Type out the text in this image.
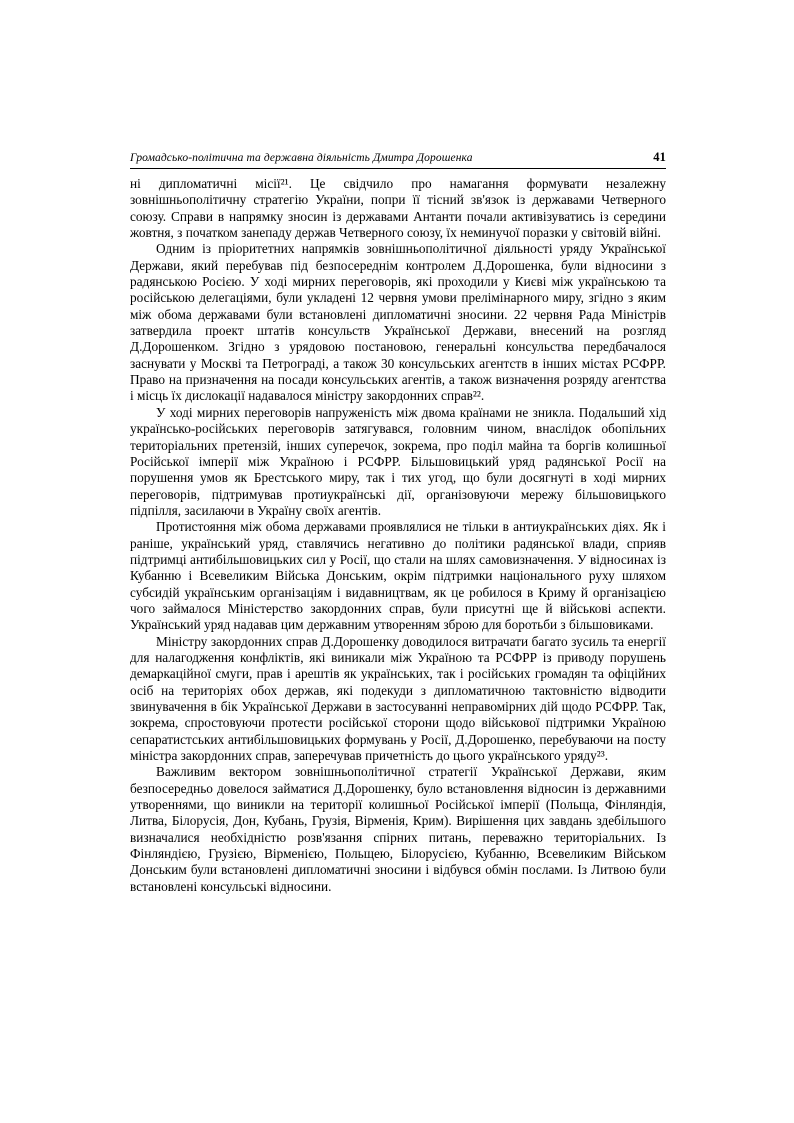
Громадсько-політична та державна діяльність Дмитра Дорошенка	41

ні дипломатичні місії²¹. Це свідчило про намагання формувати незалежну зовнішньополітичну стратегію України, попри її тісний зв'язок із державами Четверного союзу. Справи в напрямку зносин із державами Антанти почали активізуватись із середини жовтня, з початком занепаду держав Четверного союзу, їх неминучої поразки у світовій війні.

Одним із пріоритетних напрямків зовнішньополітичної діяльності уряду Української Держави, який перебував під безпосереднім контролем Д.Дорошенка, були відносини з радянською Росією. У ході мирних переговорів, які проходили у Києві між українською та російською делегаціями, були укладені 12 червня умови прелімінарного миру, згідно з яким між обома державами були встановлені дипломатичні зносини. 22 червня Рада Міністрів затвердила проект штатів консульств Української Держави, внесений на розгляд Д.Дорошенком. Згідно з урядовою постановою, генеральні консульства передбачалося заснувати у Москві та Петрограді, а також 30 консульських агентств в інших містах РСФРР. Право на призначення на посади консульських агентів, а також визначення розряду агентства і місць їх дислокації надавалося міністру закордонних справ²².

У ході мирних переговорів напруженість між двома країнами не зникла. Подальший хід українсько-російських переговорів затягувався, головним чином, внаслідок обопільних територіальних претензій, інших суперечок, зокрема, про поділ майна та боргів колишньої Російської імперії між Україною і РСФРР. Більшовицький уряд радянської Росії на порушення умов як Брестського миру, так і тих угод, що були досягнуті в ході мирних переговорів, підтримував протиукраїнські дії, організовуючи мережу більшовицького підпілля, засилаючи в Україну своїх агентів.

Протистояння між обома державами проявлялися не тільки в антиукраїнських діях. Як і раніше, український уряд, ставлячись негативно до політики радянської влади, сприяв підтримці антибільшовицьких сил у Росії, що стали на шлях самовизначення. У відносинах із Кубанню і Всевеликим Війська Донським, окрім підтримки національного руху шляхом субсидій українським організаціям і видавництвам, як це робилося в Криму й організацією чого займалося Міністерство закордонних справ, були присутні ще й військові аспекти. Український уряд надавав цим державним утворенням зброю для боротьби з більшовиками.

Міністру закордонних справ Д.Дорошенку доводилося витрачати багато зусиль та енергії для налагодження конфліктів, які виникали між Україною та РСФРР із приводу порушень демаркаційної смуги, прав і арештів як українських, так і російських громадян та офіційних осіб на територіях обох держав, які подекуди з дипломатичною тактовністю відводити звинувачення в бік Української Держави в застосуванні неправомірних дій щодо РСФРР. Так, зокрема, спростовуючи протести російської сторони щодо військової підтримки Україною сепаратистських антибільшовицьких формувань у Росії, Д.Дорошенко, перебуваючи на посту міністра закордонних справ, заперечував причетність до цього українського уряду²³.

Важливим вектором зовнішньополітичної стратегії Української Держави, яким безпосередньо довелося займатися Д.Дорошенку, було встановлення відносин із державними утвореннями, що виникли на території колишньої Російської імперії (Польща, Фінляндія, Литва, Білорусія, Дон, Кубань, Грузія, Вірменія, Крим). Вирішення цих завдань здебільшого визначалися необхідністю розв'язання спірних питань, переважно територіальних. Із Фінляндією, Грузією, Вірменією, Польщею, Білорусією, Кубанню, Всевеликим Військом Донським були встановлені дипломатичні зносини і відбувся обмін послами. Із Литвою були встановлені консульські відносини.
